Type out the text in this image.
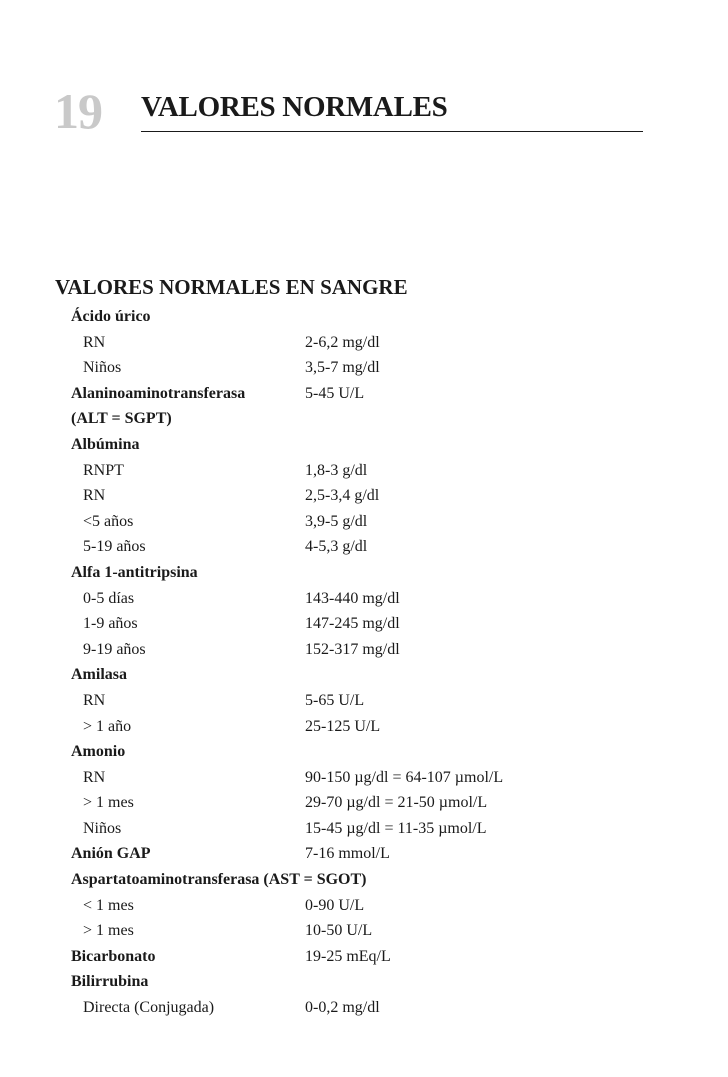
19 VALORES NORMALES
VALORES NORMALES EN SANGRE
Ácido úrico
RN	2-6,2 mg/dl
Niños	3,5-7 mg/dl
Alaninoaminotransferasa	5-45 U/L
(ALT = SGPT)
Albúmina
RNPT	1,8-3 g/dl
RN	2,5-3,4 g/dl
<5 años	3,9-5 g/dl
5-19 años	4-5,3 g/dl
Alfa 1-antitripsina
0-5 días	143-440 mg/dl
1-9 años	147-245 mg/dl
9-19 años	152-317 mg/dl
Amilasa
RN	5-65 U/L
> 1 año	25-125 U/L
Amonio
RN	90-150 µg/dl = 64-107 µmol/L
> 1 mes	29-70 µg/dl = 21-50 µmol/L
Niños	15-45 µg/dl = 11-35 µmol/L
Anión GAP	7-16 mmol/L
Aspartatoaminotransferasa (AST = SGOT)
< 1 mes	0-90 U/L
> 1 mes	10-50 U/L
Bicarbonato	19-25 mEq/L
Bilirrubina
Directa (Conjugada)	0-0,2 mg/dl
